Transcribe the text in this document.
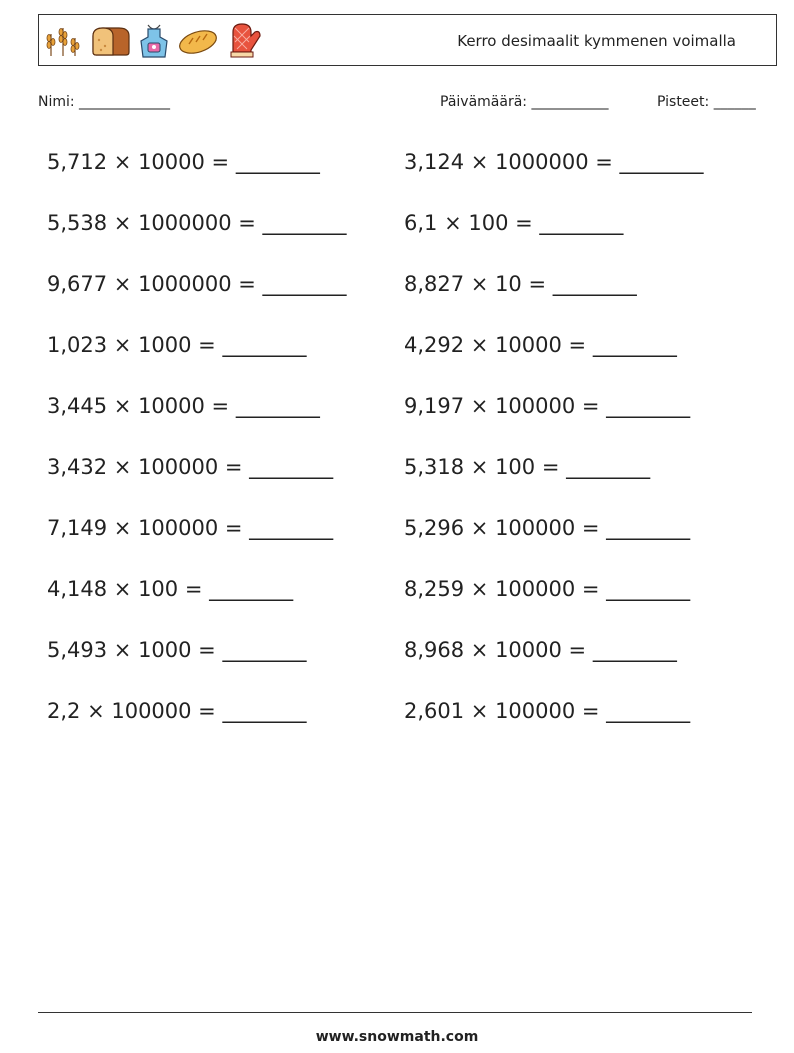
Kerro desimaalit kymmenen voimalla
Nimi: _____________	Päivämäärä: ___________	Pisteet: ______
5,712 × 10000 = ________
5,538 × 1000000 = ________
9,677 × 1000000 = ________
1,023 × 1000 = ________
3,445 × 10000 = ________
3,432 × 100000 = ________
7,149 × 100000 = ________
4,148 × 100 = ________
5,493 × 1000 = ________
2,2 × 100000 = ________
3,124 × 1000000 = ________
6,1 × 100 = ________
8,827 × 10 = ________
4,292 × 10000 = ________
9,197 × 100000 = ________
5,318 × 100 = ________
5,296 × 100000 = ________
8,259 × 100000 = ________
8,968 × 10000 = ________
2,601 × 100000 = ________
www.snowmath.com
